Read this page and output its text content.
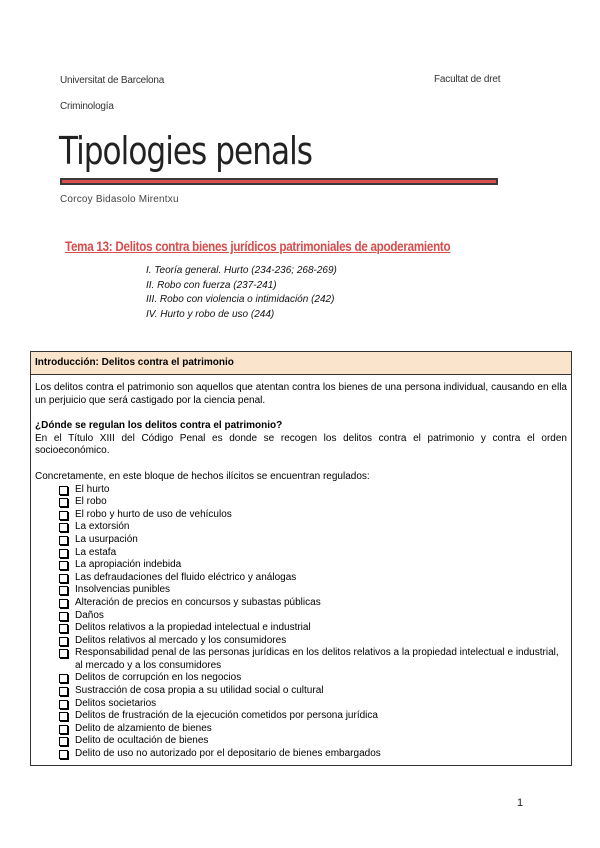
Universitat de Barcelona
Criminología
Facultat de dret
Tipologies penals
Corcoy Bidasolo Mirentxu
Tema 13: Delitos contra bienes jurídicos patrimoniales de apoderamiento
I. Teoría general. Hurto (234-236; 268-269)
II. Robo con fuerza (237-241)
III. Robo con violencia o intimidación (242)
IV. Hurto y robo de uso (244)
Introducción: Delitos contra el patrimonio

Los delitos contra el patrimonio son aquellos que atentan contra los bienes de una persona individual, causando en ella un perjuicio que será castigado por la ciencia penal.

¿Dónde se regulan los delitos contra el patrimonio?

En el Título XIII del Código Penal es donde se recogen los delitos contra el patrimonio y contra el orden socioeconómico.

Concretamente, en este bloque de hechos ilícitos se encuentran regulados:
El hurto
El robo
El robo y hurto de uso de vehículos
La extorsión
La usurpación
La estafa
La apropiación indebida
Las defraudaciones del fluido eléctrico y análogas
Insolvencias punibles
Alteración de precios en concursos y subastas públicas
Daños
Delitos relativos a la propiedad intelectual e industrial
Delitos relativos al mercado y los consumidores
Responsabilidad penal de las personas jurídicas en los delitos relativos a la propiedad intelectual e industrial, al mercado y a los consumidores
Delitos de corrupción en los negocios
Sustracción de cosa propia a su utilidad social o cultural
Delitos societarios
Delitos de frustración de la ejecución cometidos por persona jurídica
Delito de alzamiento de bienes
Delito de ocultación de bienes
Delito de uso no autorizado por el depositario de bienes embargados
1
